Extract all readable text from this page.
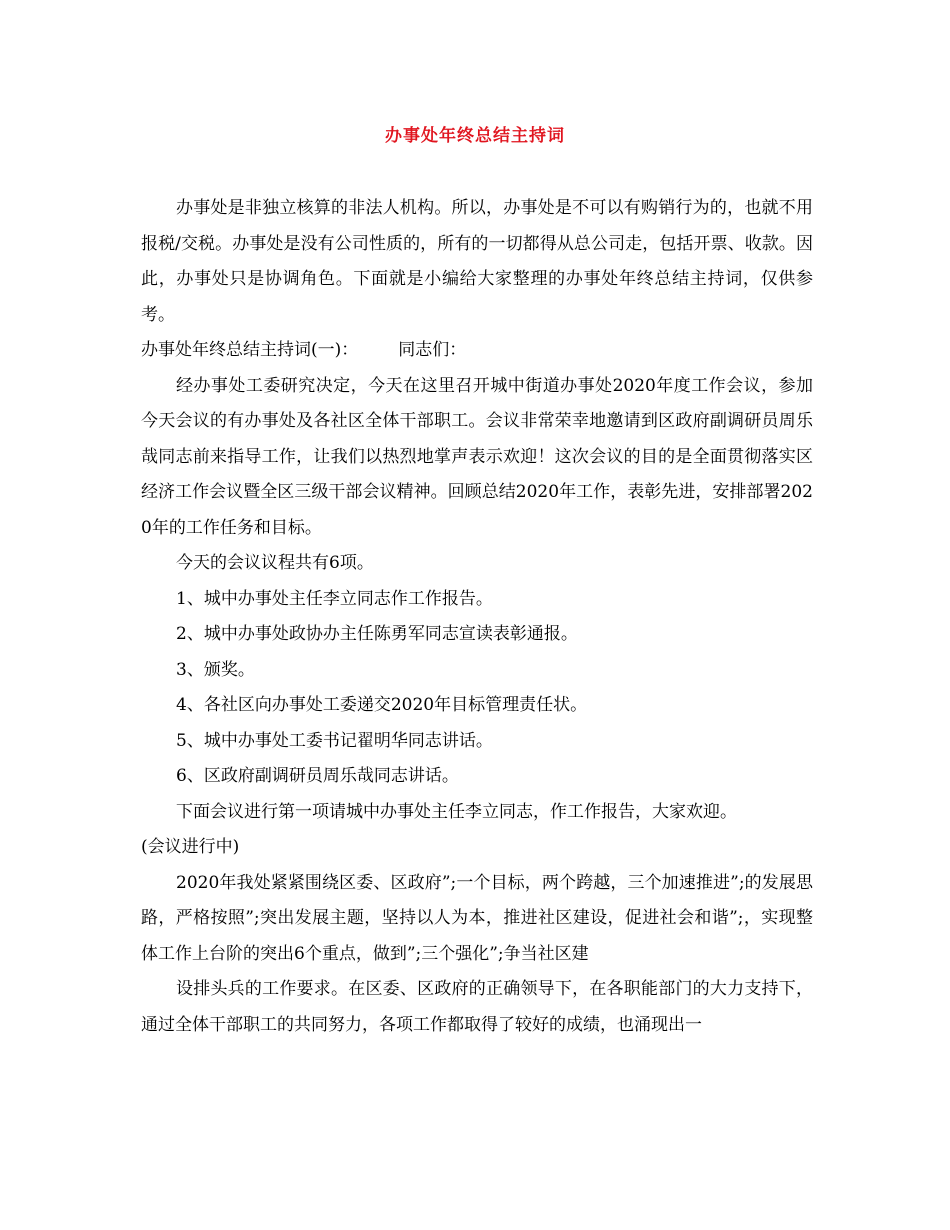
办事处年终总结主持词

办事处是非独立核算的非法人机构。所以，办事处是不可以有购销行为的，也就不用报税/交税。办事处是没有公司性质的，所有的一切都得从总公司走，包括开票、收款。因此，办事处只是协调角色。下面就是小编给大家整理的办事处年终总结主持词，仅供参考。

办事处年终总结主持词(一)： 同志们：

经办事处工委研究决定，今天在这里召开城中街道办事处2020年度工作会议，参加今天会议的有办事处及各社区全体干部职工。会议非常荣幸地邀请到区政府副调研员周乐哉同志前来指导工作，让我们以热烈地掌声表示欢迎！这次会议的目的是全面贯彻落实区经济工作会议暨全区三级干部会议精神。回顾总结2020年工作，表彰先进，安排部署2020年的工作任务和目标。

今天的会议议程共有6项。

1、城中办事处主任李立同志作工作报告。

2、城中办事处政协办主任陈勇军同志宣读表彰通报。

3、颁奖。

4、各社区向办事处工委递交2020年目标管理责任状。

5、城中办事处工委书记翟明华同志讲话。

6、区政府副调研员周乐哉同志讲话。

下面会议进行第一项请城中办事处主任李立同志，作工作报告，大家欢迎。

(会议进行中)

2020年我处紧紧围绕区委、区政府”;一个目标，两个跨越，三个加速推进”;的发展思路，严格按照”;突出发展主题，坚持以人为本，推进社区建设，促进社会和谐”;，实现整体工作上台阶的突出6个重点，做到”;三个强化”;争当社区建

设排头兵的工作要求。在区委、区政府的正确领导下，在各职能部门的大力支持下，通过全体干部职工的共同努力，各项工作都取得了较好的成绩，也涌现出一
